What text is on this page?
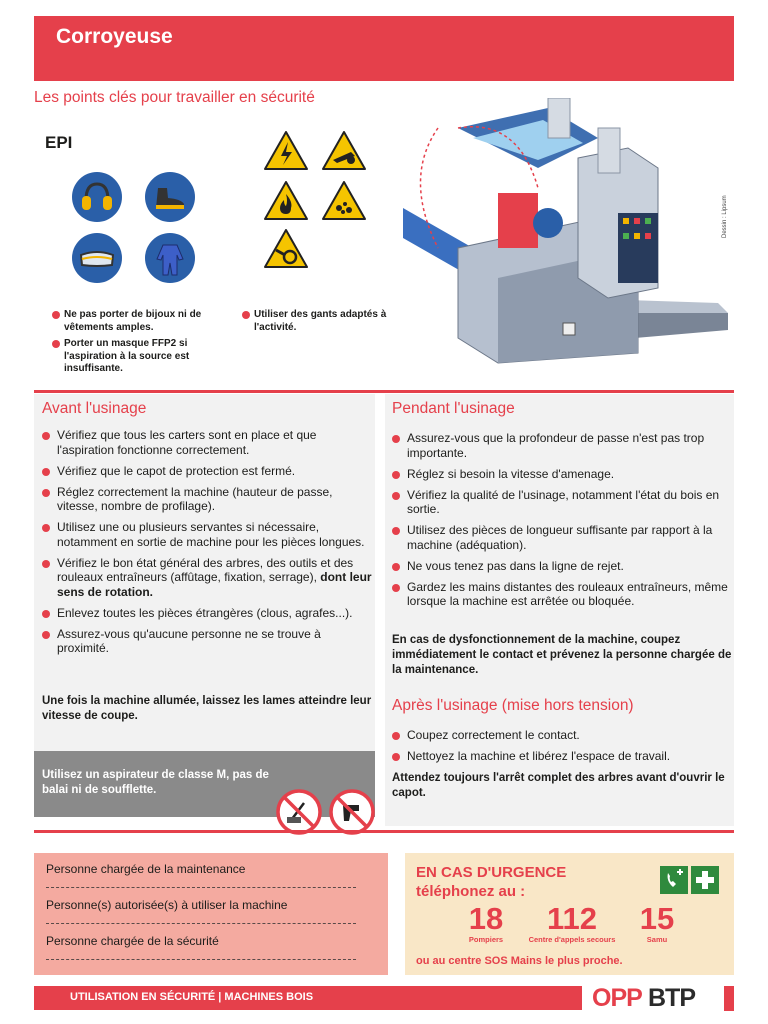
Corroyeuse
Les points clés pour travailler en sécurité
EPI
Ne pas porter de bijoux ni de vêtements amples.
Porter un masque FFP2 si l'aspiration à la source est insuffisante.
Utiliser des gants adaptés à l'activité.
Dessin : Lipsum
Avant l'usinage
Vérifiez que tous les carters sont en place et que l'aspiration fonctionne correctement.
Vérifiez que le capot de protection est fermé.
Réglez correctement la machine (hauteur de passe, vitesse, nombre de profilage).
Utilisez une ou plusieurs servantes si nécessaire, notamment en sortie de machine pour les pièces longues.
Vérifiez le bon état général des arbres, des outils et des rouleaux entraîneurs (affûtage, fixation, serrage), dont leur sens de rotation.
Enlevez toutes les pièces étrangères (clous, agrafes...).
Assurez-vous qu'aucune personne ne se trouve à proximité.
Une fois la machine allumée, laissez les lames atteindre leur vitesse de coupe.

Utilisez un aspirateur de classe M, pas de balai ni de soufflette.

Pendant l'usinage
Assurez-vous que la profondeur de passe n'est pas trop importante.
Réglez si besoin la vitesse d'amenage.
Vérifiez la qualité de l'usinage, notamment l'état du bois en sortie.
Utilisez des pièces de longueur suffisante par rapport à la machine (adéquation).
Ne vous tenez pas dans la ligne de rejet.
Gardez les mains distantes des rouleaux entraîneurs, même lorsque la machine est arrêtée ou bloquée.
En cas de dysfonctionnement de la machine, coupez immédiatement le contact et prévenez la personne chargée de la maintenance.
Après l'usinage (mise hors tension)
Coupez correctement le contact.
Nettoyez la machine et libérez l'espace de travail.
Attendez toujours l'arrêt complet des arbres avant d'ouvrir le capot.
Personne chargée de la maintenance
Personne(s) autorisée(s) à utiliser la machine
Personne chargée de la sécurité
EN CAS D'URGENCE
téléphonez au :
18
Pompiers
112
Centre d'appels secours
15
Samu
ou au centre SOS Mains le plus proche.
UTILISATION EN SÉCURITÉ | MACHINES BOIS	OPP BTP
